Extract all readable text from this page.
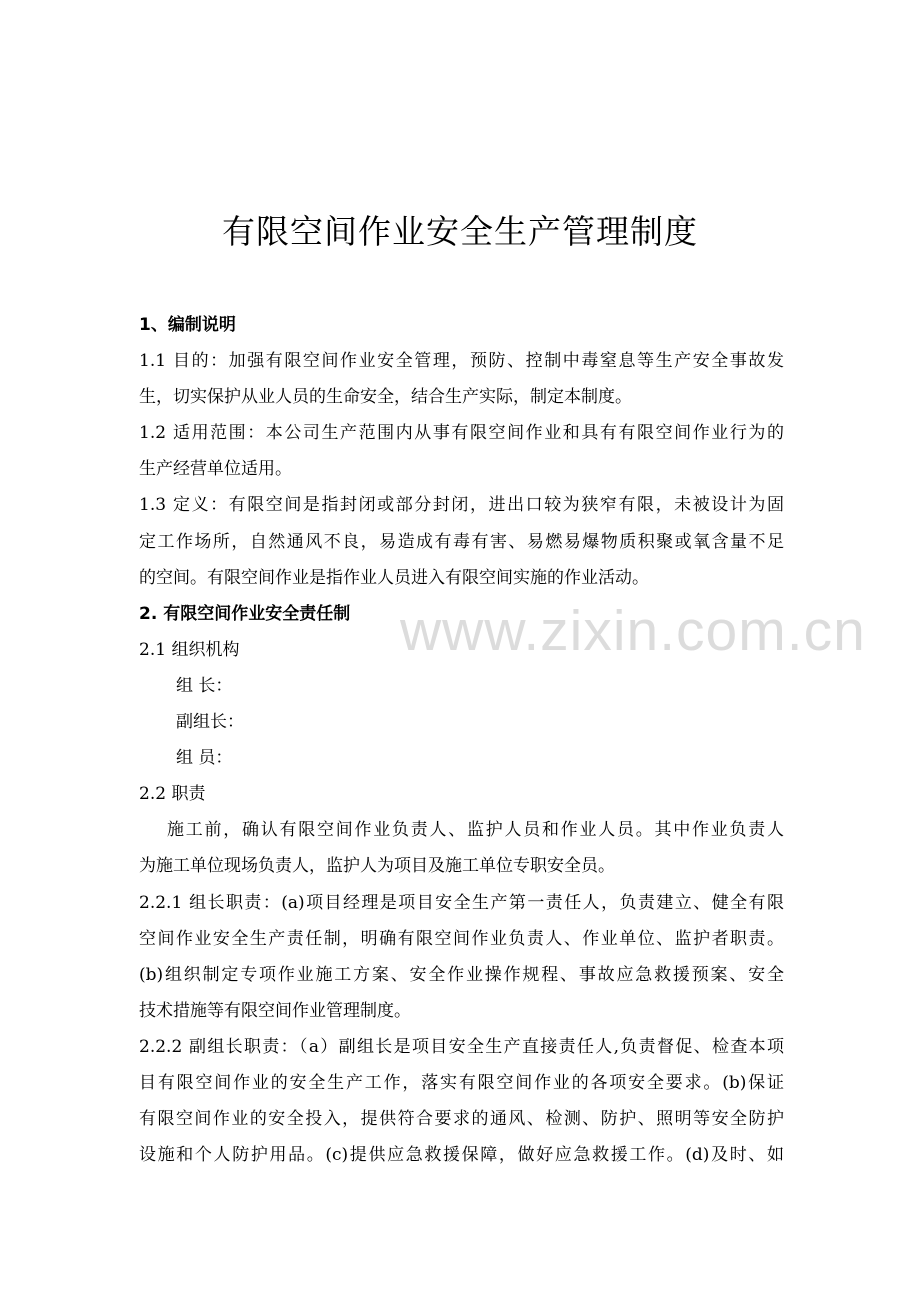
有限空间作业安全生产管理制度
1、编制说明
1.1 目的：加强有限空间作业安全管理，预防、控制中毒窒息等生产安全事故发
生，切实保护从业人员的生命安全，结合生产实际，制定本制度。
1.2 适用范围：本公司生产范围内从事有限空间作业和具有有限空间作业行为的
生产经营单位适用。
1.3 定义：有限空间是指封闭或部分封闭，进出口较为狭窄有限，未被设计为固
定工作场所，自然通风不良，易造成有毒有害、易燃易爆物质积聚或氧含量不足
的空间。有限空间作业是指作业人员进入有限空间实施的作业活动。
2. 有限空间作业安全责任制
2.1 组织机构
组 长：
副组长：
组 员：
2.2 职责
施工前，确认有限空间作业负责人、监护人员和作业人员。其中作业负责人
为施工单位现场负责人，监护人为项目及施工单位专职安全员。
2.2.1 组长职责：(a)项目经理是项目安全生产第一责任人，负责建立、健全有限
空间作业安全生产责任制，明确有限空间作业负责人、作业单位、监护者职责。
(b)组织制定专项作业施工方案、安全作业操作规程、事故应急救援预案、安全
技术措施等有限空间作业管理制度。
2.2.2 副组长职责：（a）副组长是项目安全生产直接责任人,负责督促、检查本项
目有限空间作业的安全生产工作，落实有限空间作业的各项安全要求。(b)保证
有限空间作业的安全投入，提供符合要求的通风、检测、防护、照明等安全防护
设施和个人防护用品。(c)提供应急救援保障，做好应急救援工作。(d)及时、如
www.zixin.com.cn
